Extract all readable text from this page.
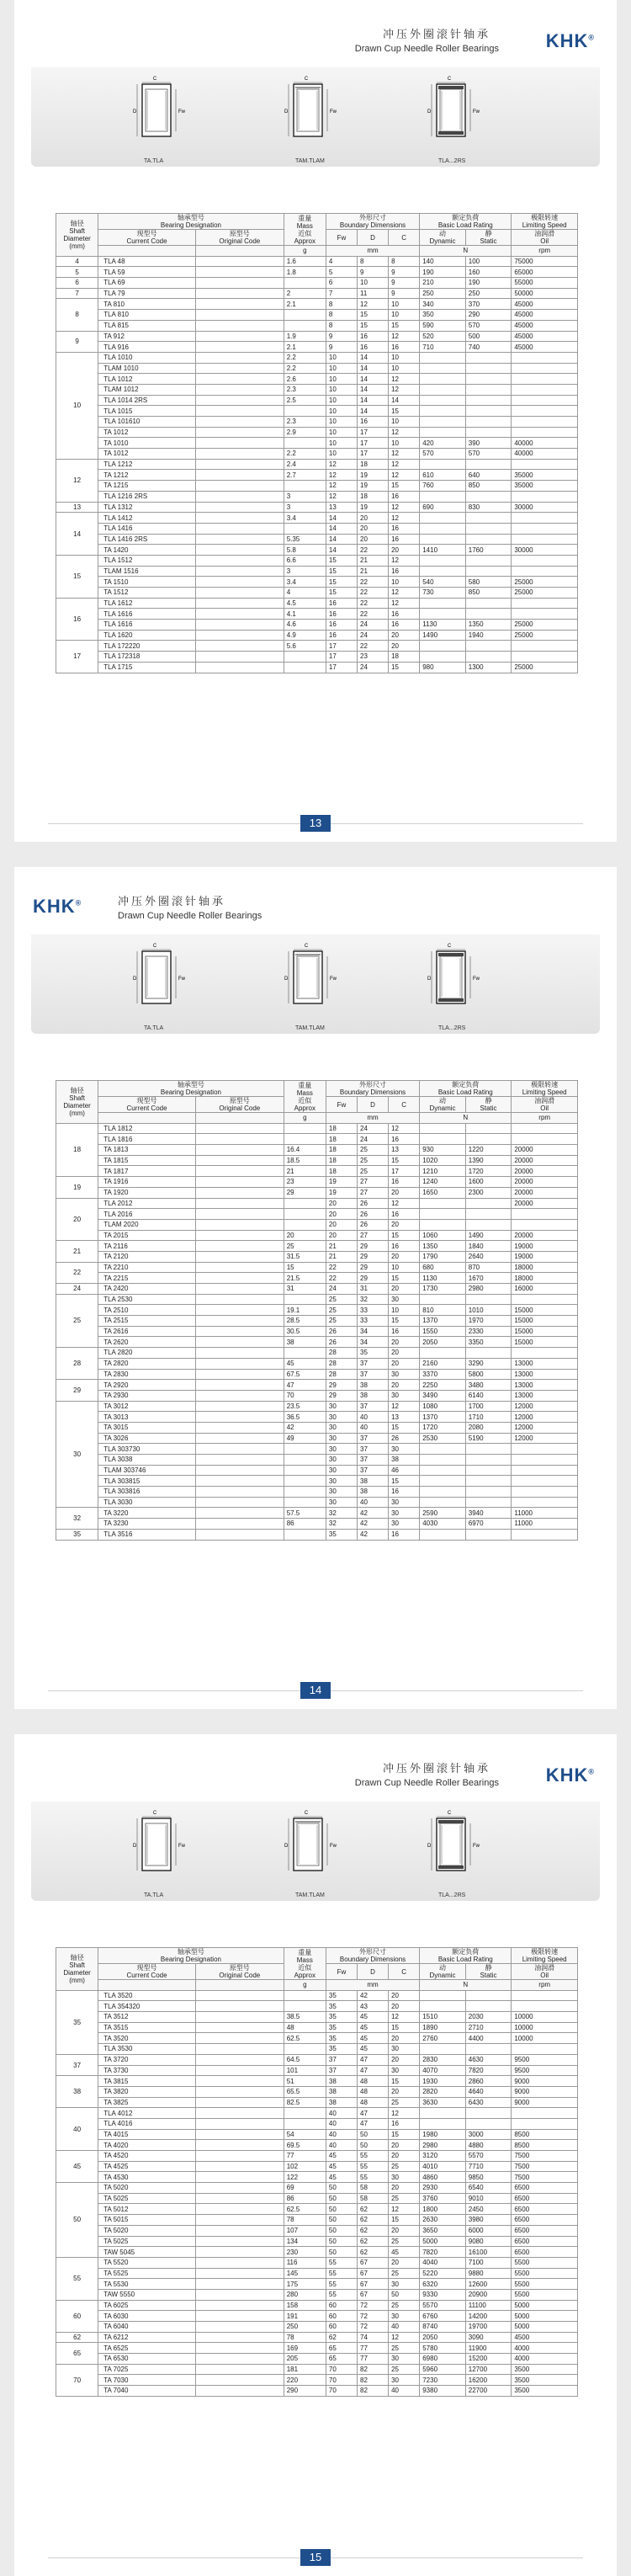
冲压外圈滚针轴承
Drawn Cup Needle Roller Bearings	KHK®
C
D	Fw
TA.TLA
C
D	Fw
TAM.TLAM
C
D	Fw
TLA...2RS
轴径
Shaft
Diameter
(mm)	轴承型号
Bearing Designation		重量
Mass
近似
Approx	外形尺寸
Boundary Dimensions			额定负荷
Basic Load Rating		极限转速
Limiting Speed
	现型号
Current Code	原型号
Original Code		Fw	D	C	动
Dynamic	静
Static	油润滑
Oil
			g	mm			N		rpm
4	TLA 48		1.6	4	8	8	140	100	75000
5	TLA 59		1.8	5	9	9	190	160	65000
6	TLA 69			6	10	9	210	190	55000
7	TLA 79		2	7	11	9	250	250	50000
8	TA 810		2.1	8	12	10	340	370	45000
	TLA 810			8	15	10	350	290	45000
	TLA 815			8	15	15	590	570	45000
9	TA 912		1.9	9	16	12	520	500	45000
	TLA 916		2.1	9	16	16	710	740	45000
10	TLA 1010		2.2	10	14	10			
	TLAM 1010		2.2	10	14	10			
	TLA 1012		2.6	10	14	12			
	TLAM 1012		2.3	10	14	12			
	TLA 1014 2RS		2.5	10	14	14			
	TLA 1015			10	14	15			
	TLA 101610		2.3	10	16	10			
	TA 1012		2.9	10	17	12			
	TA 1010			10	17	10	420	390	40000
	TA 1012		2.2	10	17	12	570	570	40000
12	TLA 1212		2.4	12	18	12			
	TA 1212		2.7	12	19	12	610	640	35000
	TA 1215			12	19	15	760	850	35000
	TLA 1216 2RS		3	12	18	16			
13	TLA 1312		3	13	19	12	690	830	30000
14	TLA 1412		3.4	14	20	12			
	TLA 1416			14	20	16			
	TLA 1416 2RS		5.35	14	20	16			
	TA 1420		5.8	14	22	20	1410	1760	30000
15	TLA 1512		6.6	15	21	12			
	TLAM 1516		3	15	21	16			
	TA 1510		3.4	15	22	10	540	580	25000
	TA 1512		4	15	22	12	730	850	25000
16	TLA 1612		4.5	16	22	12			
	TLA 1616		4.1	16	22	16			
	TLA 1616		4.6	16	24	16	1130	1350	25000
	TLA 1620		4.9	16	24	20	1490	1940	25000
17	TLA 172220		5.6	17	22	20			
	TLA 172318			17	23	18			
	TLA 1715			17	24	15	980	1300	25000
13
KHK®	冲压外圈滚针轴承
Drawn Cup Needle Roller Bearings
C
D	Fw
TA.TLA
C
D	Fw
TAM.TLAM
C
D	Fw
TLA...2RS
轴径
Shaft
Diameter
(mm)	轴承型号
Bearing Designation		重量
Mass
近似
Approx	外形尺寸
Boundary Dimensions			额定负荷
Basic Load Rating		极限转速
Limiting Speed
	现型号
Current Code	原型号
Original Code		Fw	D	C	动
Dynamic	静
Static	油润滑
Oil
			g	mm			N		rpm
18	TLA 1812			18	24	12			
	TLA 1816			18	24	16			
	TA 1813		16.4	18	25	13	930	1220	20000
	TA 1815		18.5	18	25	15	1020	1390	20000
	TA 1817		21	18	25	17	1210	1720	20000
19	TA 1916		23	19	27	16	1240	1600	20000
	TA 1920		29	19	27	20	1650	2300	20000
20	TLA 2012			20	26	12			20000
	TLA 2016			20	26	16			
	TLAM 2020			20	26	20			
	TA 2015		20	20	27	15	1060	1490	20000
21	TA 2116		25	21	29	16	1350	1840	19000
	TA 2120		31.5	21	29	20	1790	2640	19000
22	TA 2210		15	22	29	10	680	870	18000
	TA 2215		21.5	22	29	15	1130	1670	18000
24	TA 2420		31	24	31	20	1730	2980	16000
25	TLA 2530			25	32	30			
	TA 2510		19.1	25	33	10	810	1010	15000
	TA 2515		28.5	25	33	15	1370	1970	15000
	TA 2616		30.5	26	34	16	1550	2330	15000
	TA 2620		38	26	34	20	2050	3350	15000
28	TLA 2820			28	35	20			
	TA 2820		45	28	37	20	2160	3290	13000
	TA 2830		67.5	28	37	30	3370	5800	13000
29	TA 2920		47	29	38	20	2250	3480	13000
	TA 2930		70	29	38	30	3490	6140	13000
30	TA 3012		23.5	30	37	12	1080	1700	12000
	TA 3013		36.5	30	40	13	1370	1710	12000
	TA 3015		42	30	40	15	1720	2080	12000
	TA 3026		49	30	37	26	2530	5190	12000
	TLA 303730			30	37	30			
	TLA 3038			30	37	38			
	TLAM 303746			30	37	46			
	TLA 303815			30	38	15			
	TLA 303816			30	38	16			
	TLA 3030			30	40	30			
32	TA 3220		57.5	32	42	30	2590	3940	11000
	TA 3230		86	32	42	30	4030	6970	11000
35	TLA 3516			35	42	16			
14
冲压外圈滚针轴承
Drawn Cup Needle Roller Bearings	KHK®
C
D	Fw
TA.TLA
C
D	Fw
TAM.TLAM
C
D	Fw
TLA...2RS
轴径
Shaft
Diameter
(mm)	轴承型号
Bearing Designation		重量
Mass
近似
Approx	外形尺寸
Boundary Dimensions			额定负荷
Basic Load Rating		极限转速
Limiting Speed
	现型号
Current Code	原型号
Original Code		Fw	D	C	动
Dynamic	静
Static	油润滑
Oil
			g	mm			N		rpm
35	TLA 3520			35	42	20			
	TLA 354320			35	43	20			
	TA 3512		38.5	35	45	12	1510	2030	10000
	TA 3515		48	35	45	15	1890	2710	10000
	TA 3520		62.5	35	45	20	2760	4400	10000
	TLA 3530			35	45	30			
37	TA 3720		64.5	37	47	20	2830	4630	9500
	TA 3730		101	37	47	30	4070	7820	9500
38	TA 3815		51	38	48	15	1930	2860	9000
	TA 3820		65.5	38	48	20	2820	4640	9000
	TA 3825		82.5	38	48	25	3630	6430	9000
40	TLA 4012			40	47	12			
	TLA 4016			40	47	16			
	TA 4015		54	40	50	15	1980	3000	8500
	TA 4020		69.5	40	50	20	2980	4880	8500
45	TA 4520		77	45	55	20	3120	5570	7500
	TA 4525		102	45	55	25	4010	7710	7500
	TA 4530		122	45	55	30	4860	9850	7500
50	TA 5020		69	50	58	20	2930	6540	6500
	TA 5025		86	50	58	25	3760	9010	6500
	TA 5012		62.5	50	62	12	1800	2450	6500
	TA 5015		78	50	62	15	2630	3980	6500
	TA 5020		107	50	62	20	3650	6000	6500
	TA 5025		134	50	62	25	5000	9080	6500
	TAW 5045		230	50	62	45	7820	16100	6500
55	TA 5520		116	55	67	20	4040	7100	5500
	TA 5525		145	55	67	25	5220	9880	5500
	TA 5530		175	55	67	30	6320	12600	5500
	TAW 5550		280	55	67	50	9330	20900	5500
60	TA 6025		158	60	72	25	5570	11100	5000
	TA 6030		191	60	72	30	6760	14200	5000
	TA 6040		250	60	72	40	8740	19700	5000
62	TA 6212		78	62	74	12	2050	3090	4500
65	TA 6525		169	65	77	25	5780	11900	4000
	TA 6530		205	65	77	30	6980	15200	4000
70	TA 7025		181	70	82	25	5960	12700	3500
	TA 7030		220	70	82	30	7230	16200	3500
	TA 7040		290	70	82	40	9380	22700	3500
15
